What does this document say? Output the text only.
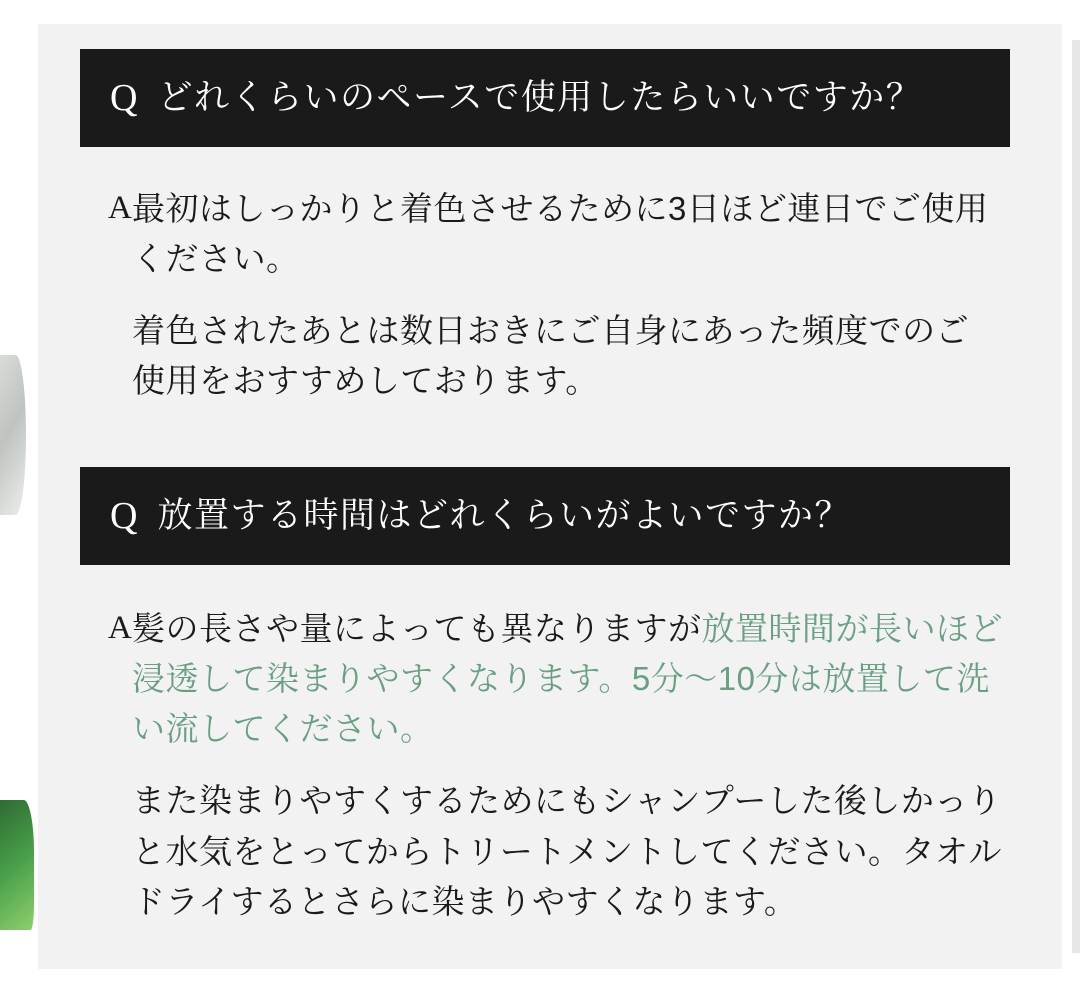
Q どれくらいのペースで使用したらいいですか？
A 最初はしっかりと着色させるために3日ほど連日でご使用ください。

着色されたあとは数日おきにご自身にあった頻度でのご使用をおすすめしております。

Q 放置する時間はどれくらいがよいですか？
A 髪の長さや量によっても異なりますが放置時間が長いほど浸透して染まりやすくなります。5分〜10分は放置して洗い流してください。

また染まりやすくするためにもシャンプーした後しかっりと水気をとってからトリートメントしてください。タオルドライするとさらに染まりやすくなります。
